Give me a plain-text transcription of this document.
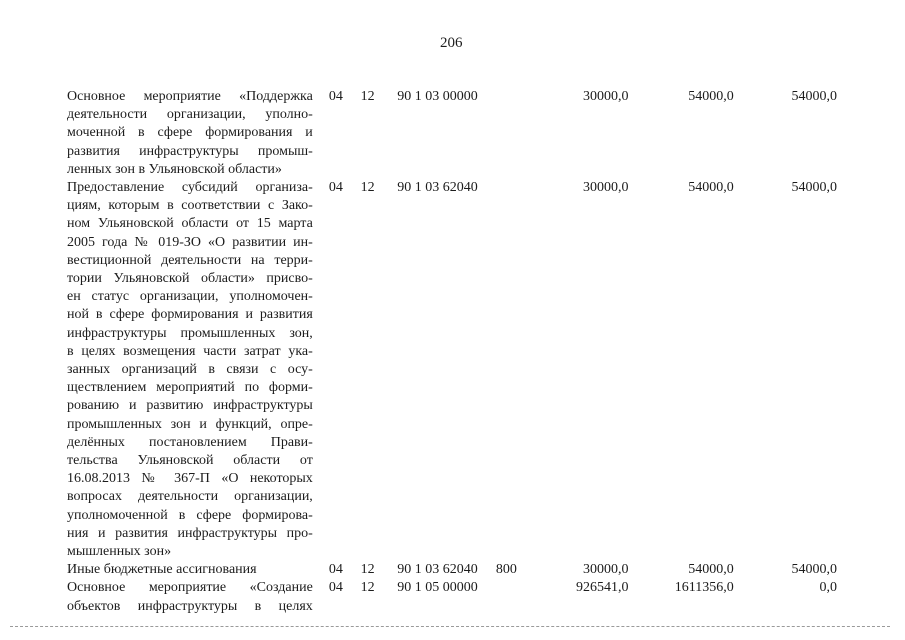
206
Основное мероприятие «Поддержка
деятельности организации, уполно-
моченной в сфере формирования и
развития инфраструктуры промыш-
ленных зон в Ульяновской области»
04 12 90 1 03 00000	30000,0	54000,0	54000,0
Предоставление субсидий организа-
циям, которым в соответствии с Зако-
ном Ульяновской области от 15 марта
2005 года № 019-ЗО «О развитии ин-
вестиционной деятельности на терри-
тории Ульяновской области» присво-
ен статус организации, уполномочен-
ной в сфере формирования и развития
инфраструктуры промышленных зон,
в целях возмещения части затрат ука-
занных организаций в связи с осу-
ществлением мероприятий по форми-
рованию и развитию инфраструктуры
промышленных зон и функций, опре-
делённых постановлением Прави-
тельства Ульяновской области от
16.08.2013 № 367-П «О некоторых
вопросах деятельности организации,
уполномоченной в сфере формирова-
ния и развития инфраструктуры про-
мышленных зон»
04 12 90 1 03 62040	30000,0	54000,0	54000,0
Иные бюджетные ассигнования	04 12 90 1 03 62040	800	30000,0	54000,0	54000,0
Основное мероприятие «Создание
объектов инфраструктуры в целях
04 12 90 1 05 00000	926541,0	1611356,0	0,0
